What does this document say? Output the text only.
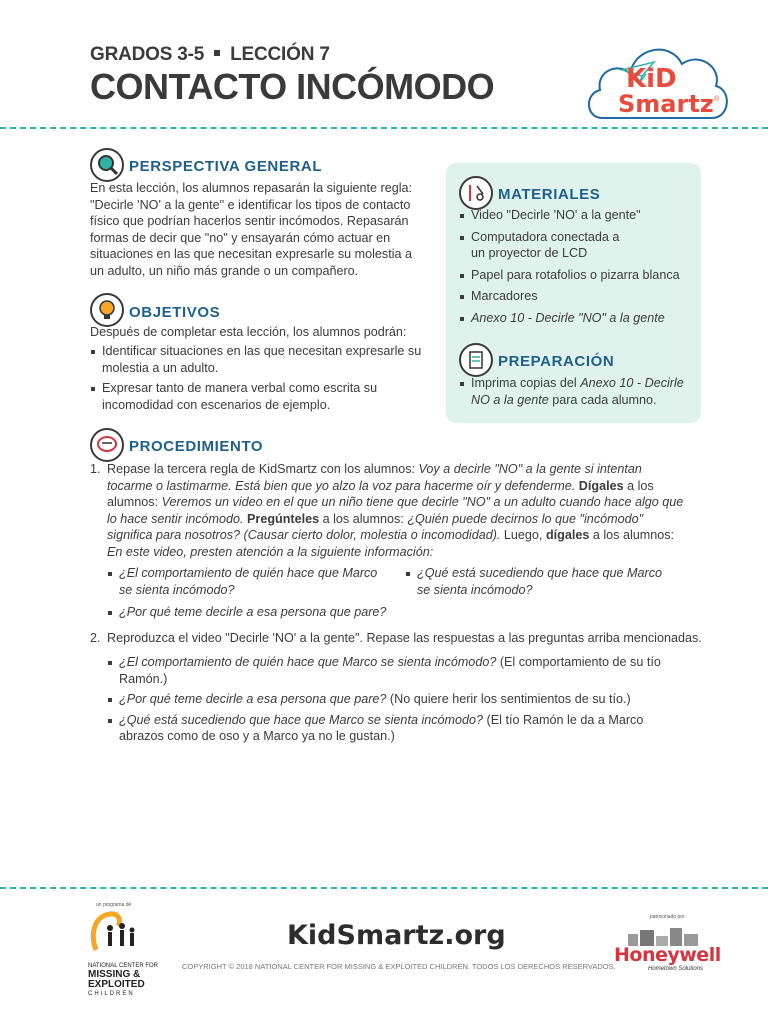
GRADOS 3-5 LECCIÓN 7
CONTACTO INCÓMODO	KiD
Smartz ®
PERSPECTIVA GENERAL
En esta lección, los alumnos repasarán la siguiente regla: "Decirle 'NO' a la gente" e identificar los tipos de contacto físico que podrían hacerlos sentir incómodos. Repasarán formas de decir que "no" y ensayarán cómo actuar en situaciones en las que necesitan expresarle su molestia a un adulto, un niño más grande o un compañero.
OBJETIVOS
Después de completar esta lección, los alumnos podrán:
Identificar situaciones en las que necesitan expresarle su molestia a un adulto.
Expresar tanto de manera verbal como escrita su incomodidad con escenarios de ejemplo.
MATERIALES
Video "Decirle 'NO' a la gente"
Computadora conectada a un proyector de LCD
Papel para rotafolios o pizarra blanca
Marcadores
Anexo 10 - Decirle "NO" a la gente
PREPARACIÓN
Imprima copias del Anexo 10 - Decirle NO a la gente para cada alumno.
PROCEDIMIENTO
1. Repase la tercera regla de KidSmartz con los alumnos: Voy a decirle "NO" a la gente si intentan tocarme o lastimarme. Está bien que yo alzo la voz para hacerme oír y defenderme. Dígales a los alumnos: Veremos un video en el que un niño tiene que decirle "NO" a un adulto cuando hace algo que lo hace sentir incómodo. Pregúnteles a los alumnos: ¿Quién puede decirnos lo que "incómodo" significa para nosotros? (Causar cierto dolor, molestia o incomodidad). Luego, dígales a los alumnos: En este video, presten atención a la siguiente información:
¿El comportamiento de quién hace que Marco se sienta incómodo?
¿Por qué teme decirle a esa persona que pare?
¿Qué está sucediendo que hace que Marco se sienta incómodo?
2. Reproduzca el video "Decirle 'NO' a la gente". Repase las respuestas a las preguntas arriba mencionadas.
¿El comportamiento de quién hace que Marco se sienta incómodo? (El comportamiento de su tío Ramón.)
¿Por qué teme decirle a esa persona que pare? (No quiere herir los sentimientos de su tío.)
¿Qué está sucediendo que hace que Marco se sienta incómodo? (El tío Ramón le da a Marco abrazos como de oso y a Marco ya no le gustan.)
un programa de
NATIONAL CENTER FOR
MISSING &
EXPLOITED
CHILDREN
KidSmartz.org
COPYRIGHT © 2018 NATIONAL CENTER FOR MISSING & EXPLOITED CHILDREN. TODOS LOS DERECHOS RESERVADOS.
patrocinado por
Honeywell
Hometown Solutions
